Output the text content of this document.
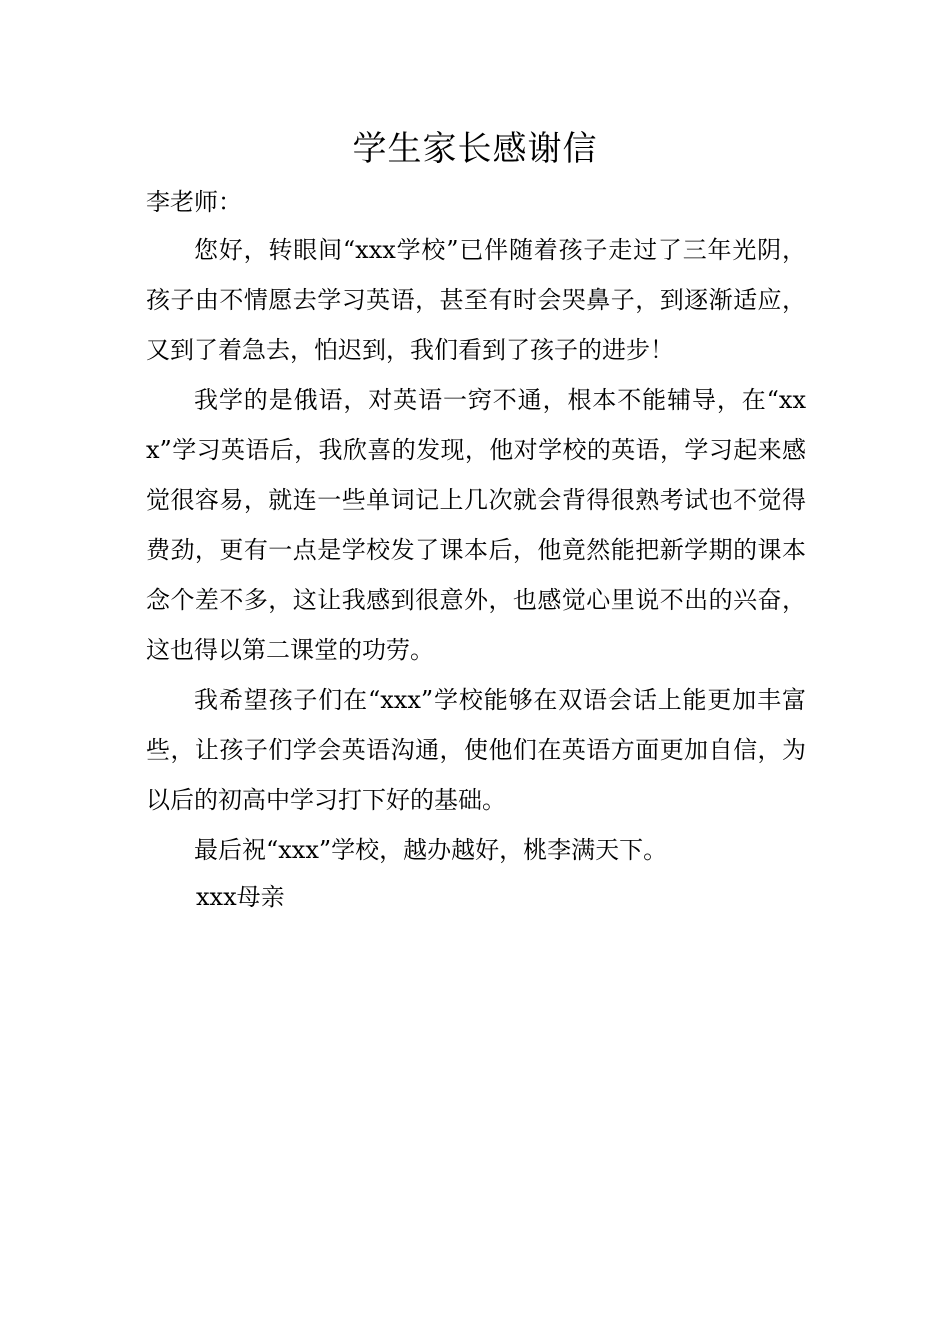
学生家长感谢信
李老师：

您好，转眼间“xxx学校”已伴随着孩子走过了三年光阴，孩子由不情愿去学习英语，甚至有时会哭鼻子，到逐渐适应，又到了着急去，怕迟到，我们看到了孩子的进步！

我学的是俄语，对英语一窍不通，根本不能辅导，在“xxx”学习英语后，我欣喜的发现，他对学校的英语，学习起来感觉很容易，就连一些单词记上几次就会背得很熟考试也不觉得费劲，更有一点是学校发了课本后，他竟然能把新学期的课本念个差不多，这让我感到很意外，也感觉心里说不出的兴奋，这也得以第二课堂的功劳。

我希望孩子们在“xxx”学校能够在双语会话上能更加丰富些，让孩子们学会英语沟通，使他们在英语方面更加自信，为以后的初高中学习打下好的基础。

最后祝“xxx”学校，越办越好，桃李满天下。

xxx母亲
